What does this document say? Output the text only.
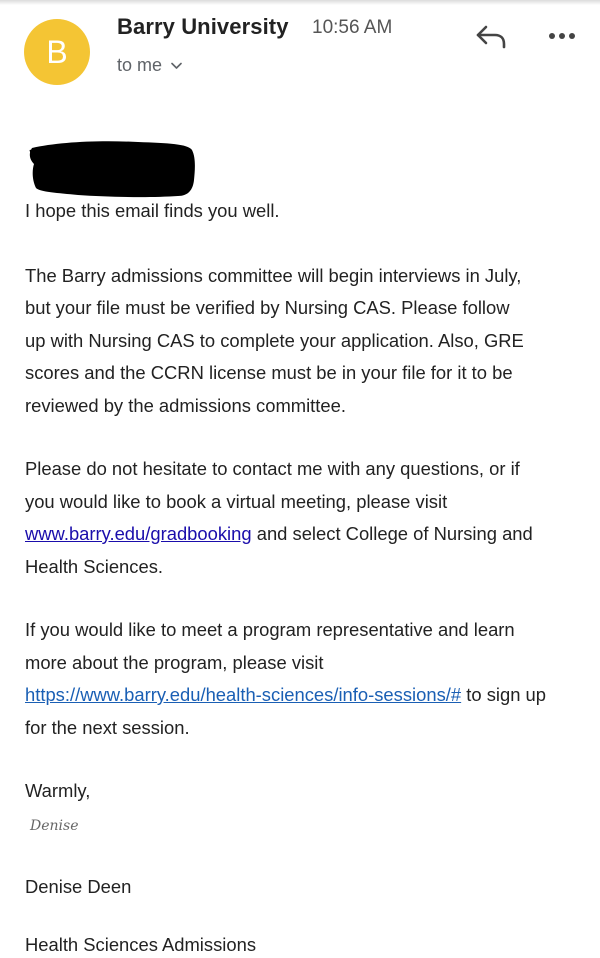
B
Barry University 10:56 AM
to me

I hope this email finds you well.

The Barry admissions committee will begin interviews in July,
but your file must be verified by Nursing CAS. Please follow
up with Nursing CAS to complete your application. Also, GRE
scores and the CCRN license must be in your file for it to be
reviewed by the admissions committee.

Please do not hesitate to contact me with any questions, or if
you would like to book a virtual meeting, please visit
www.barry.edu/gradbooking and select College of Nursing and
Health Sciences.

If you would like to meet a program representative and learn
more about the program, please visit
https://www.barry.edu/health-sciences/info-sessions/# to sign up
for the next session.

Warmly,

Denise
Denise Deen
Health Sciences Admissions
